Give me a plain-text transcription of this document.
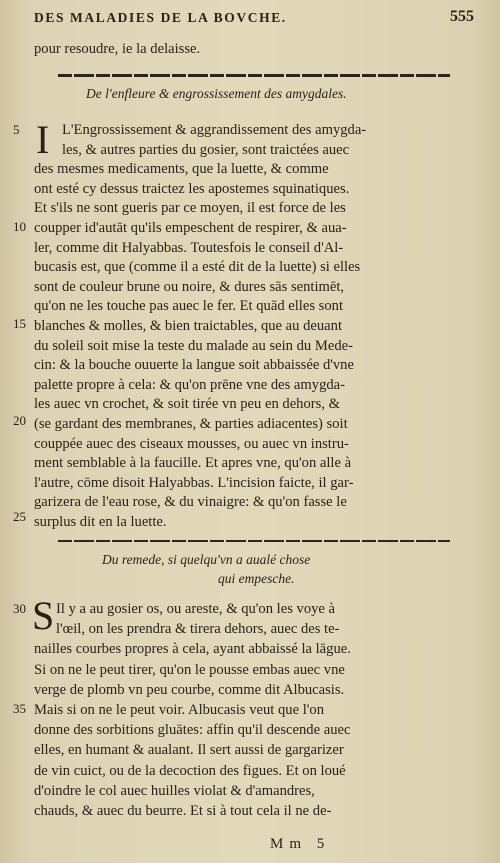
DES MALADIES DE LA BOVCHE.	555
pour resoudre, ie la delaisse.
De l'enfleure & engrossissement des amygdales.
I L'Engrossissement & aggrandissement des amygda-
les, & autres parties du gosier, sont traictées auec
des mesmes medicaments, que la luette, & comme
ont esté cy dessus traictez les apostemes squinatiques.
Et s'ils ne sont gueris par ce moyen, il est force de les
coupper id'autāt qu'ils empeschent de respirer, & aua-
ler, comme dit Halyabbas. Toutesfois le conseil d'Al-
bucasis est, que (comme il a esté dit de la luette) si elles
sont de couleur brune ou noire, & dures sās sentimēt,
qu'on ne les touche pas auec le fer. Et quād elles sont
blanches & molles, & bien traictables, que au deuant
du soleil soit mise la teste du malade au sein du Mede-
cin: & la bouche ouuerte la langue soit abbaissée d'vne
palette propre à cela: & qu'on prēne vne des amygda-
les auec vn crochet, & soit tirée vn peu en dehors, &
(se gardant des membranes, & parties adiacentes) soit
couppée auec des ciseaux mousses, ou auec vn instru-
ment semblable à la faucille. Et apres vne, qu'on alle à
l'autre, cōme disoit Halyabbas. L'incision faicte, il gar-
garizera de l'eau rose, & du vinaigre: & qu'on fasse le
surplus dit en la luette.
5
10
15
20
25
Du remede, si quelqu'vn a aualé chose
qui empesche.
S Il y a au gosier os, ou areste, & qu'on les voye à
l'œil, on les prendra & tirera dehors, auec des te-
nailles courbes propres à cela, ayant abbaissé la lāgue.
Si on ne le peut tirer, qu'on le pousse embas auec vne
verge de plomb vn peu courbe, comme dit Albucasis.
Mais si on ne le peut voir. Albucasis veut que l'on
donne des sorbitions gluātes: affin qu'il descende auec
elles, en humant & aualant. Il sert aussi de gargarizer
de vin cuict, ou de la decoction des figues. Et on loué
d'oindre le col auec huilles violat & d'amandres,
chauds, & auec du beurre. Et si à tout cela il ne de-
30
35
Mm 5
